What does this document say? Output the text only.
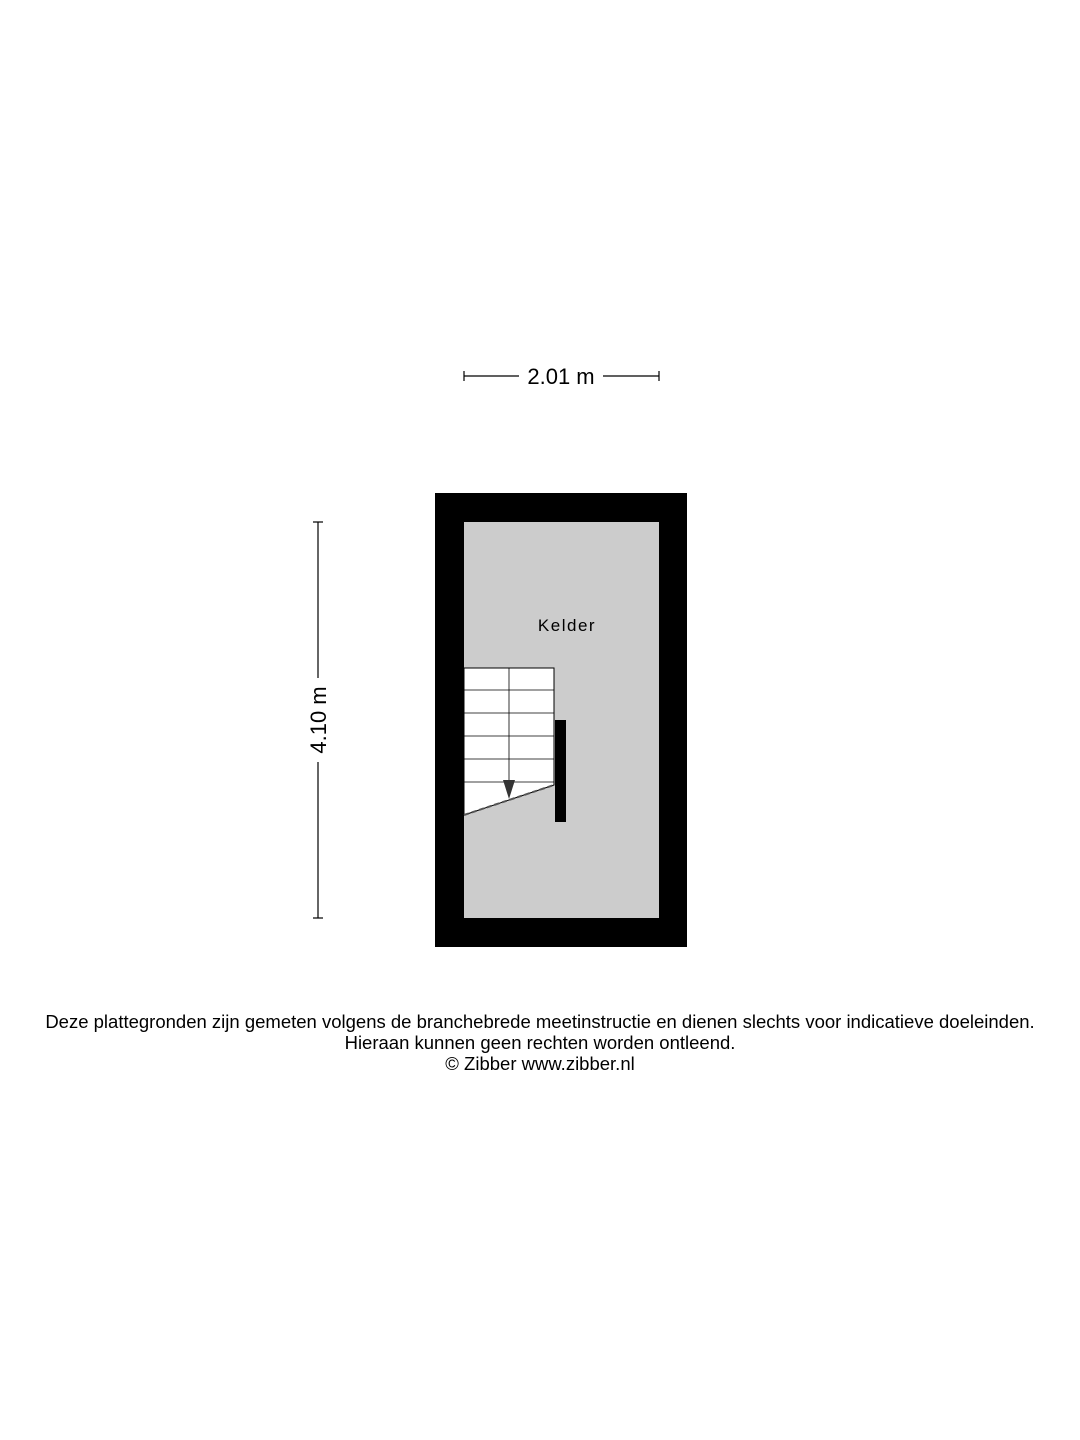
2.01 m
4.10 m
Kelder
Deze plattegronden zijn gemeten volgens de branchebrede meetinstructie en dienen slechts voor indicatieve doeleinden.
Hieraan kunnen geen rechten worden ontleend.
© Zibber www.zibber.nl
